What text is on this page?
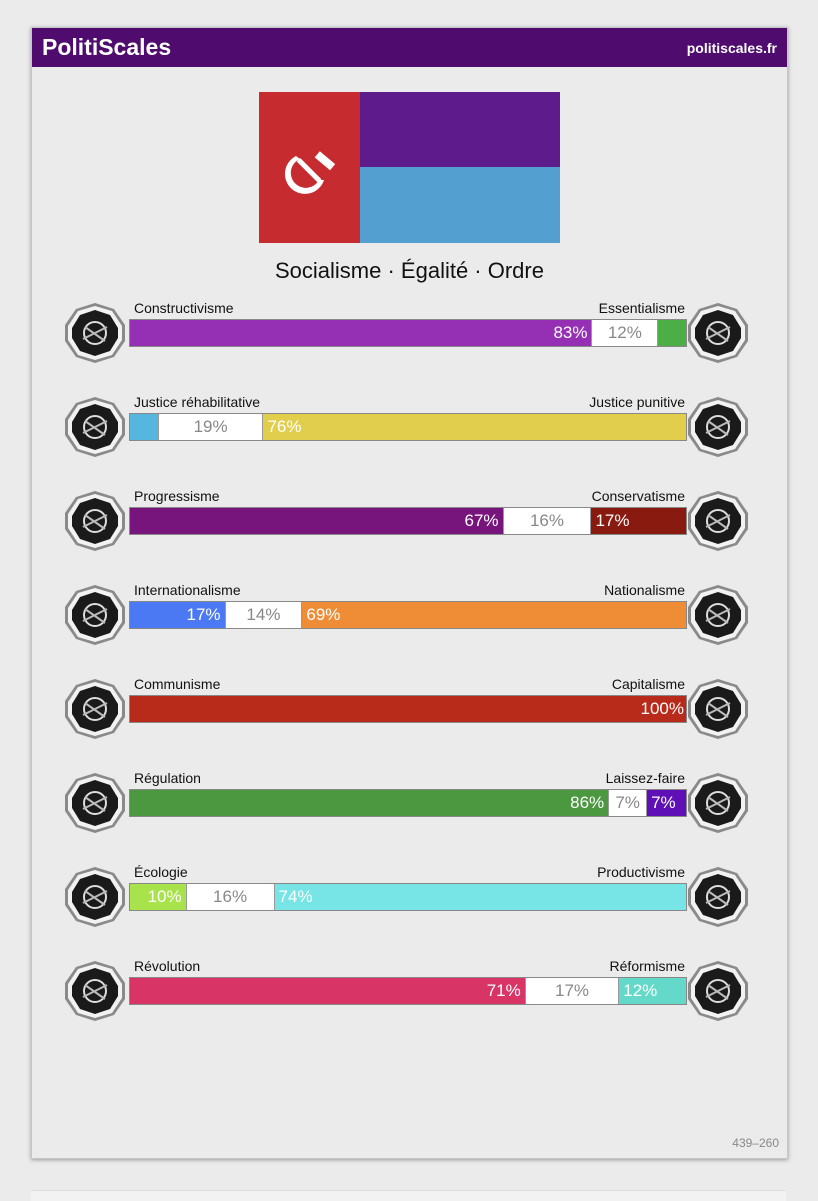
PolitiScales	politiscales.fr
Socialisme · Égalité · Ordre
Constructivisme	Essentialisme
83%	12%
Justice réhabilitative	Justice punitive
19%	76%
Progressisme	Conservatisme
67%	16%	17%
Internationalisme	Nationalisme
17%	14%	69%
Communisme	Capitalisme
100%
Régulation	Laissez-faire
86% 7% 7%
Écologie	Productivisme
10%	16%	74%
Révolution	Réformisme
71%	17%	12%
439–260
